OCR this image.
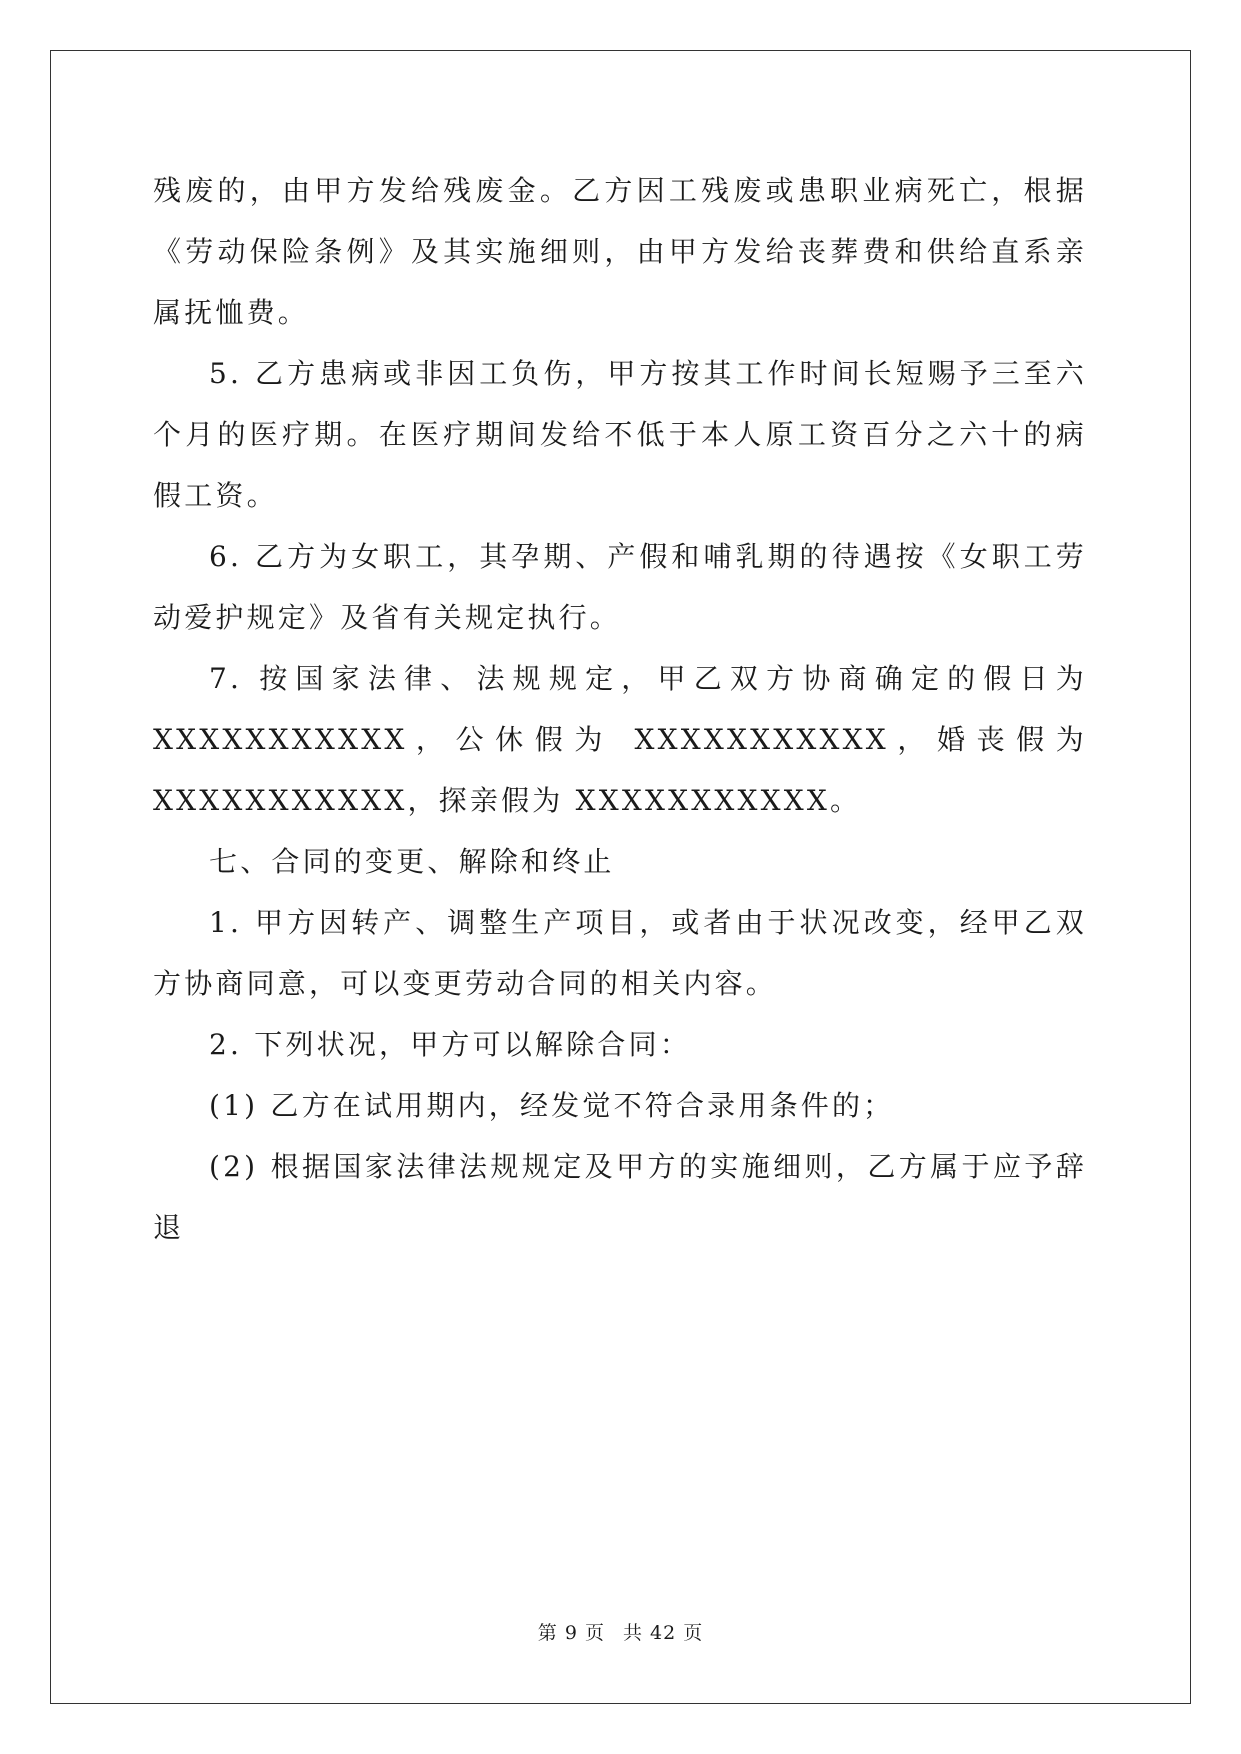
残废的，由甲方发给残废金。乙方因工残废或患职业病死亡，根据《劳动保险条例》及其实施细则，由甲方发给丧葬费和供给直系亲属抚恤费。

5. 乙方患病或非因工负伤，甲方按其工作时间长短赐予三至六个月的医疗期。在医疗期间发给不低于本人原工资百分之六十的病假工资。

6. 乙方为女职工，其孕期、产假和哺乳期的待遇按《女职工劳动爱护规定》及省有关规定执行。

7. 按国家法律、法规规定，甲乙双方协商确定的假日为XXXXXXXXXXX，公休假为 XXXXXXXXXXX，婚丧假为 XXXXXXXXXXX，探亲假为 XXXXXXXXXXX。

七、合同的变更、解除和终止

1. 甲方因转产、调整生产项目，或者由于状况改变，经甲乙双方协商同意，可以变更劳动合同的相关内容。

2. 下列状况，甲方可以解除合同：

(1) 乙方在试用期内，经发觉不符合录用条件的；

(2) 根据国家法律法规规定及甲方的实施细则，乙方属于应予辞退

第 9 页 共 42 页
